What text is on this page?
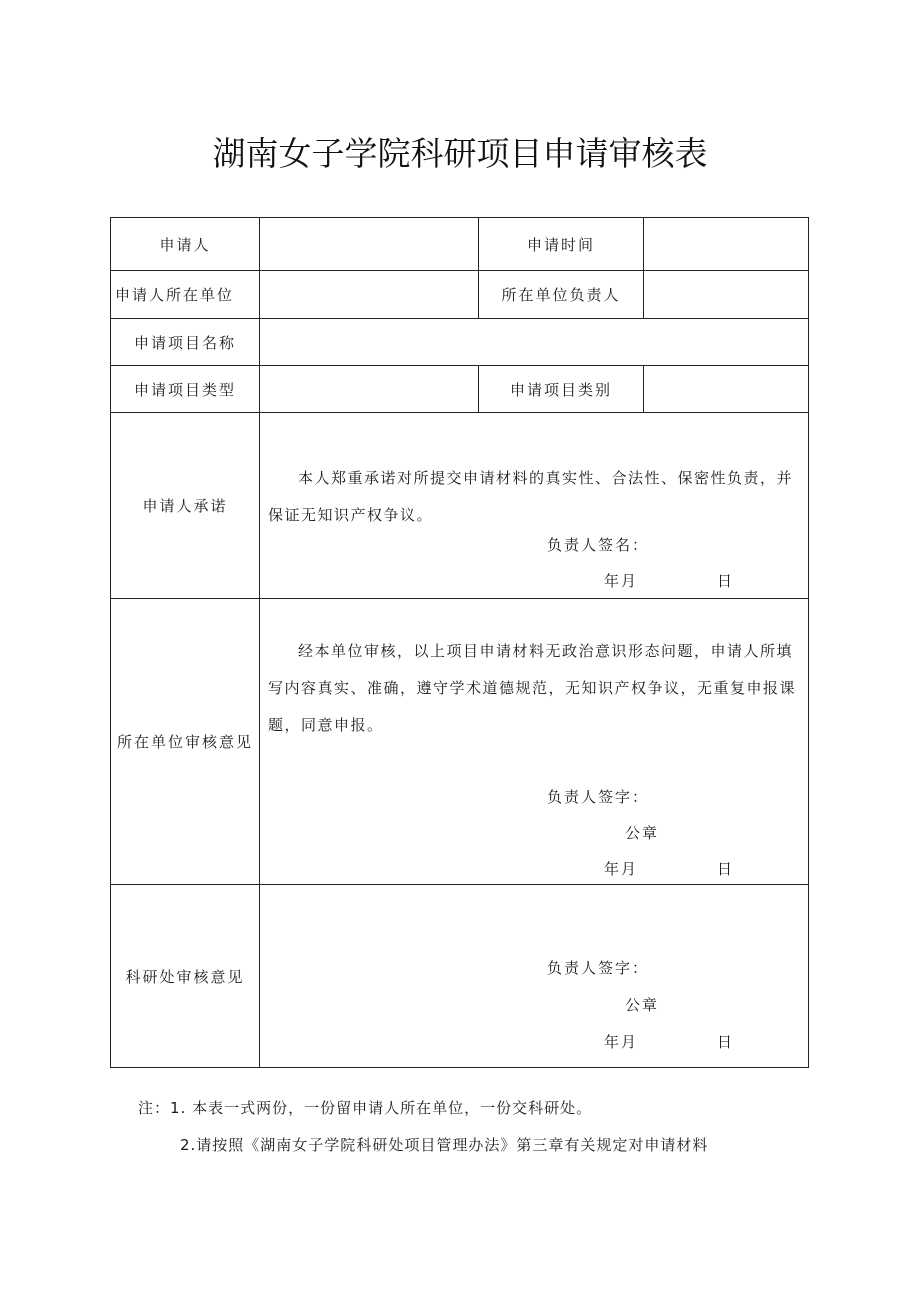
湖南女子学院科研项目申请审核表
申请人		申请时间	
申请人所在单位		所在单位负责人	
申请项目名称			
申请项目类型		申请项目类别	
申请人承诺	本人郑重承诺对所提交申请材料的真实性、合法性、保密性负责，并保证无知识产权争议。
负责人签名：
年月 日		

所在单位审核意见	经本单位审核，以上项目申请材料无政治意识形态问题，申请人所填写内容真实、准确，遵守学术道德规范，无知识产权争议，无重复申报课题，同意申报。
负责人签字：
公章
年月 日		

科研处审核意见	负责人签字：
公章
年月 日		
注：1. 本表一式两份，一份留申请人所在单位，一份交科研处。
2.请按照《湖南女子学院科研处项目管理办法》第三章有关规定对申请材料
